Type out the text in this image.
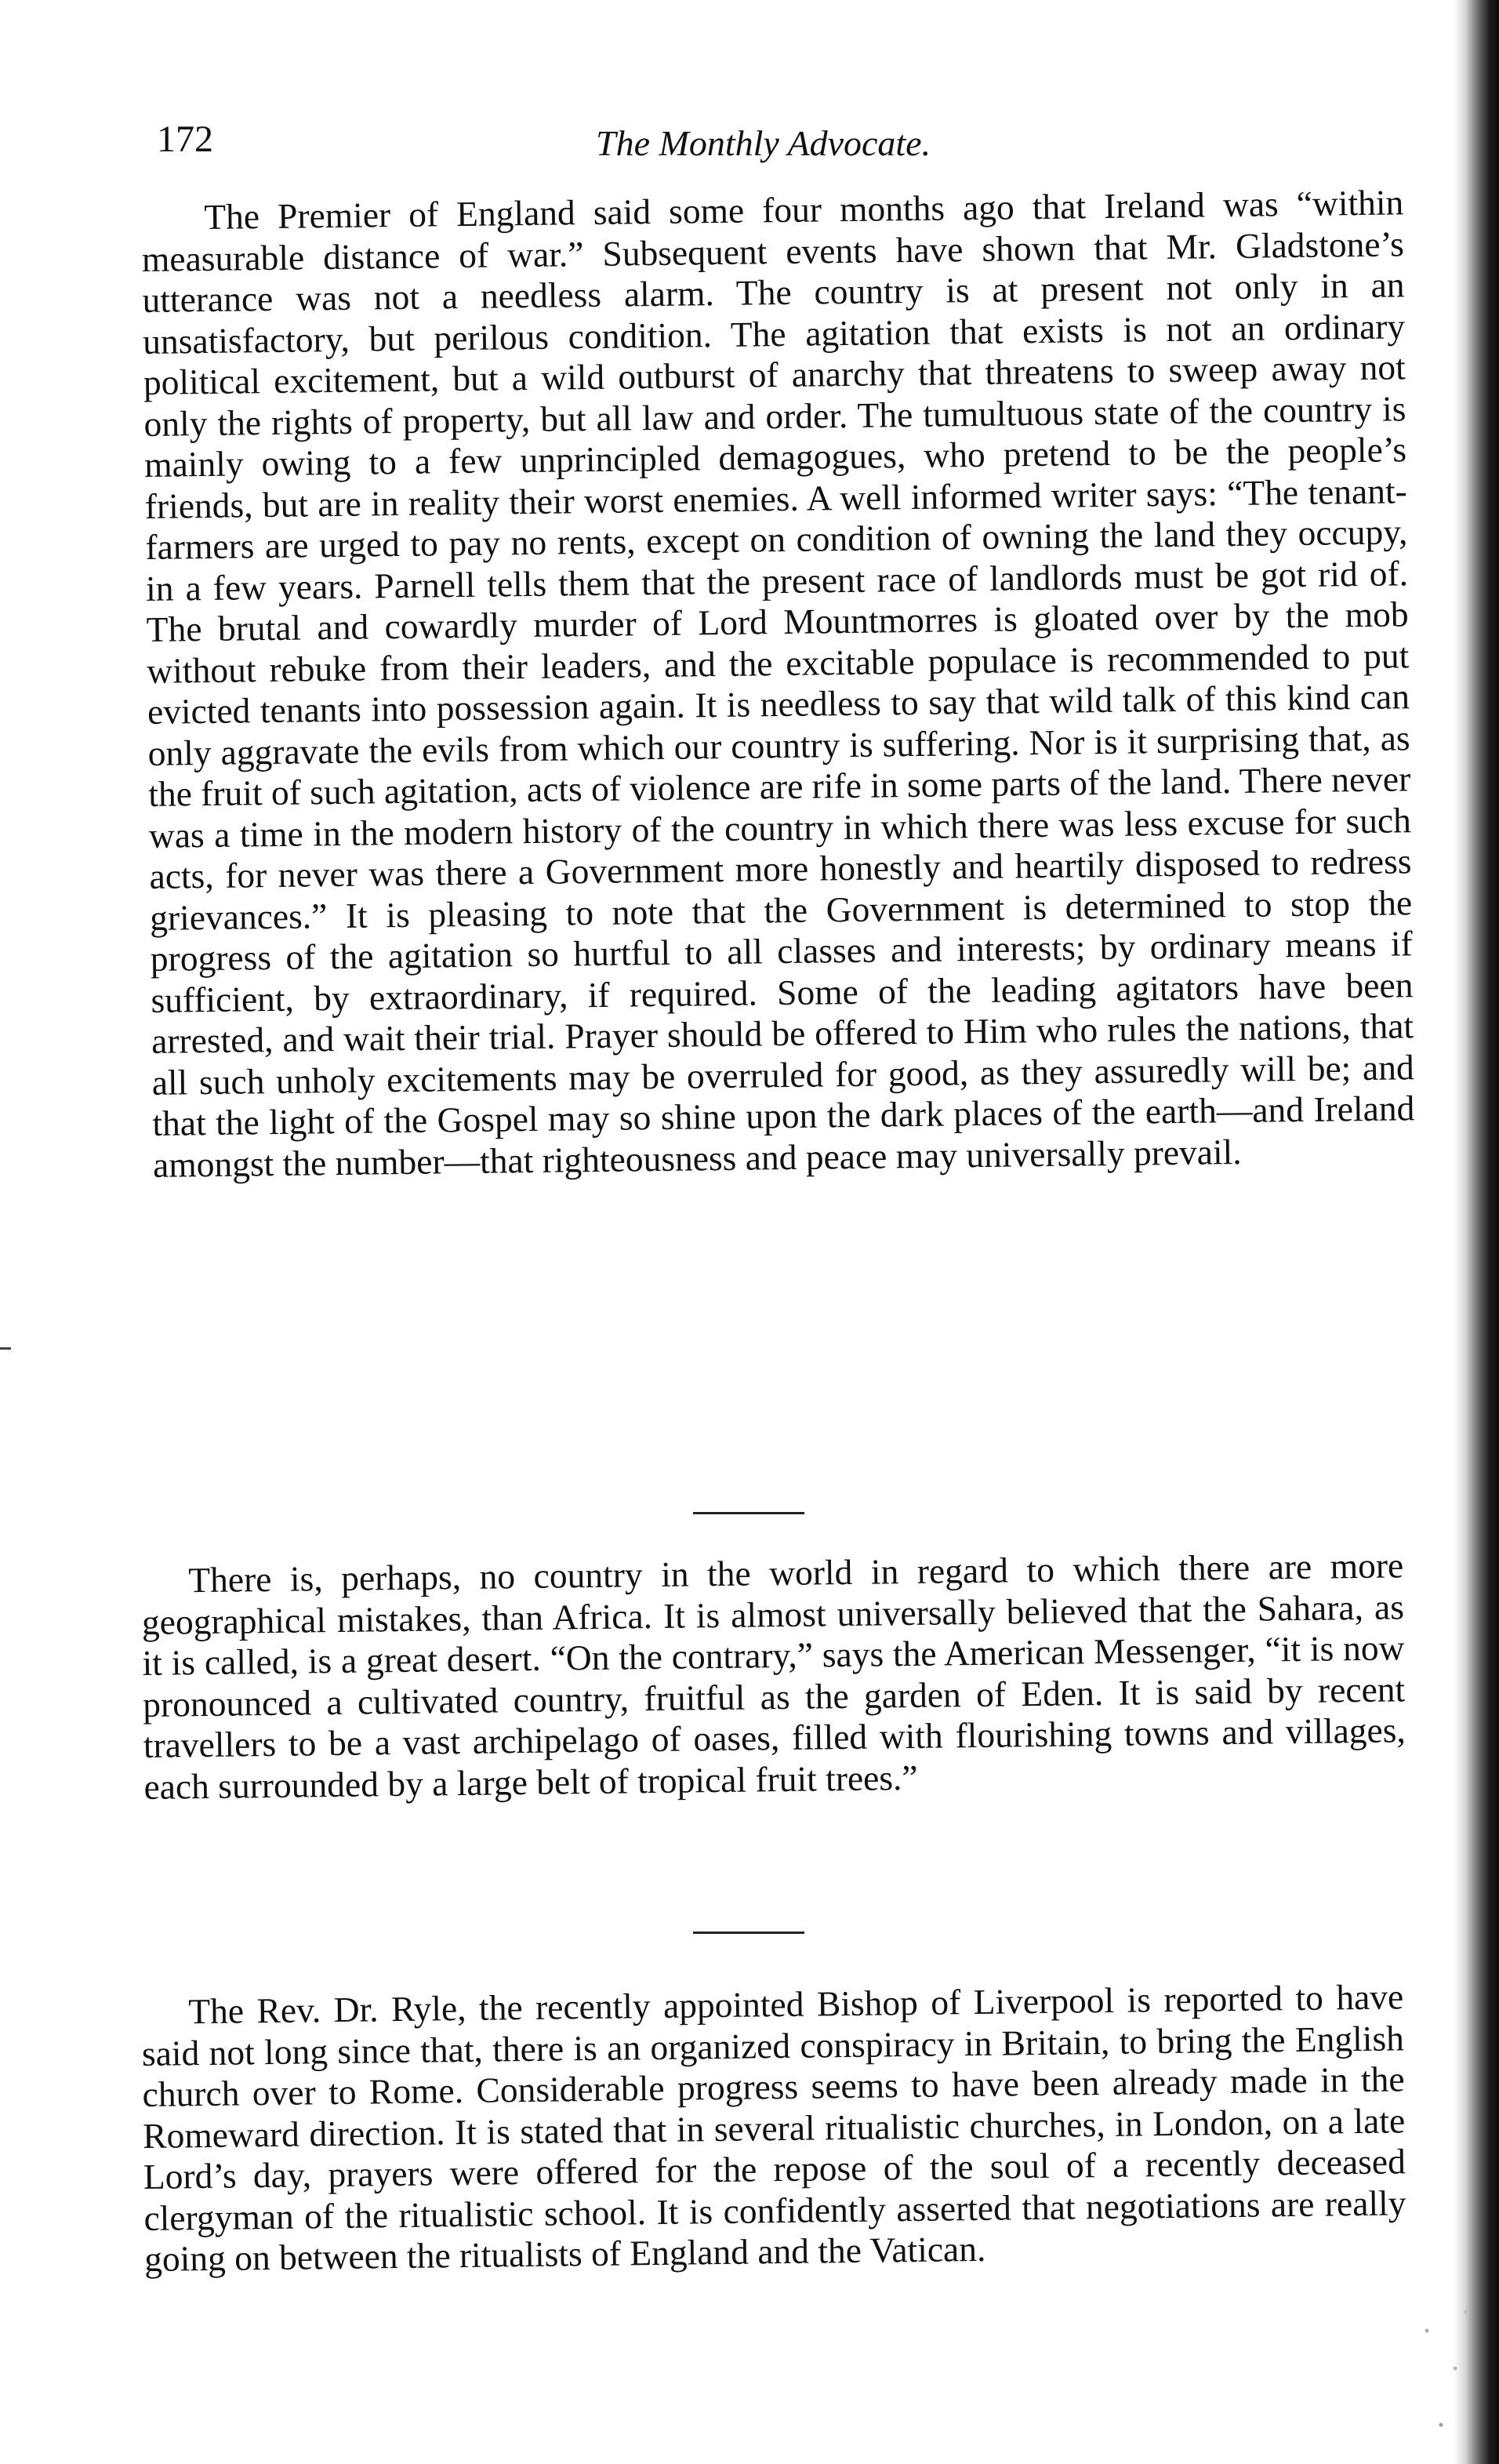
172	The Monthly Advocate.

The Premier of England said some four months ago that Ireland was “within measurable distance of war.” Subsequent events have shown that Mr. Gladstone’s utterance was not a needless alarm. The country is at present not only in an unsatisfactory, but perilous condition. The agitation that exists is not an ordinary political excitement, but a wild outburst of anarchy that threatens to sweep away not only the rights of property, but all law and order. The tumultuous state of the country is mainly owing to a few unprincipled demagogues, who pretend to be the people’s friends, but are in reality their worst enemies. A well informed writer says: “The tenant-farmers are urged to pay no rents, except on condition of owning the land they occupy, in a few years. Parnell tells them that the present race of landlords must be got rid of. The brutal and cowardly murder of Lord Mountmorres is gloated over by the mob without rebuke from their leaders, and the excitable populace is recommended to put evicted tenants into possession again. It is needless to say that wild talk of this kind can only aggravate the evils from which our country is suffering. Nor is it surprising that, as the fruit of such agitation, acts of violence are rife in some parts of the land. There never was a time in the modern history of the country in which there was less excuse for such acts, for never was there a Government more honestly and heartily disposed to redress grievances.” It is pleasing to note that the Government is determined to stop the progress of the agitation so hurtful to all classes and interests; by ordinary means if sufficient, by extraordinary, if required. Some of the leading agitators have been arrested, and wait their trial. Prayer should be offered to Him who rules the nations, that all such unholy excitements may be overruled for good, as they assuredly will be; and that the light of the Gospel may so shine upon the dark places of the earth—and Ireland amongst the number—that righteousness and peace may universally prevail.

There is, perhaps, no country in the world in regard to which there are more geographical mistakes, than Africa. It is almost universally believed that the Sahara, as it is called, is a great desert. “On the contrary,” says the American Messenger, “it is now pronounced a cultivated country, fruitful as the garden of Eden. It is said by recent travellers to be a vast archipelago of oases, filled with flourishing towns and villages, each surrounded by a large belt of tropical fruit trees.”

The Rev. Dr. Ryle, the recently appointed Bishop of Liverpool is reported to have said not long since that, there is an organized conspiracy in Britain, to bring the English church over to Rome. Considerable progress seems to have been already made in the Romeward direction. It is stated that in several ritualistic churches, in London, on a late Lord’s day, prayers were offered for the repose of the soul of a recently deceased clergyman of the ritualistic school. It is confidently asserted that negotiations are really going on between the ritualists of England and the Vatican.
